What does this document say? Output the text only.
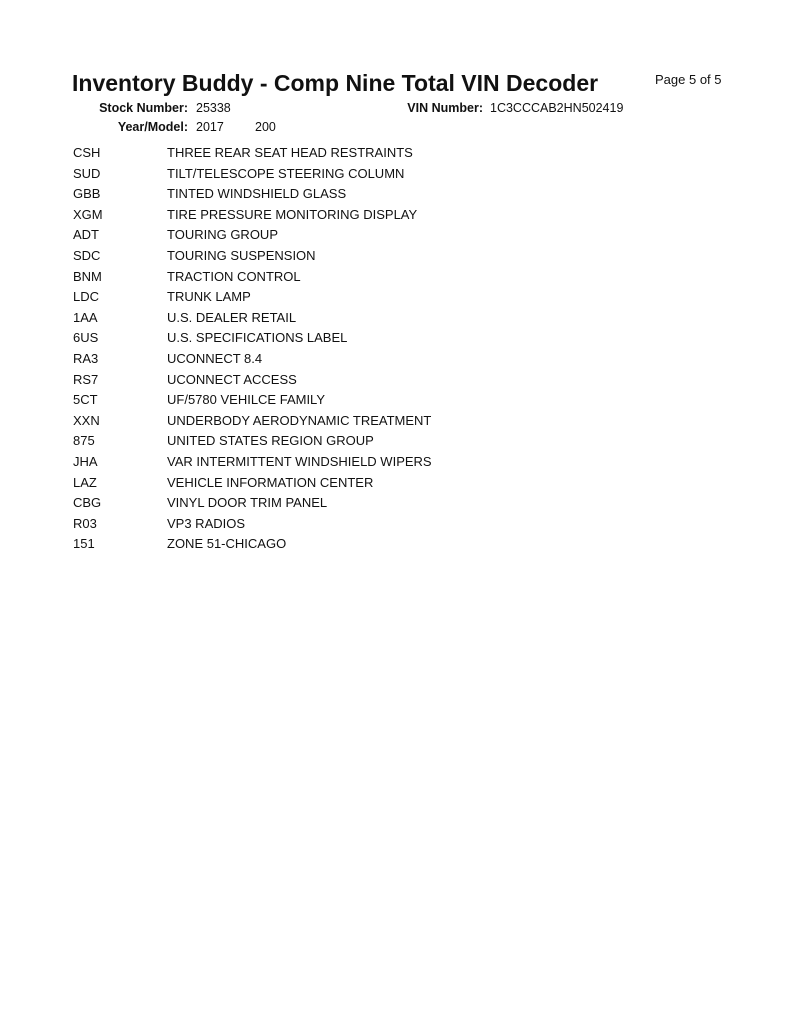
Inventory Buddy - Comp Nine Total VIN Decoder	Page 5 of 5
Stock Number: 25338	VIN Number: 1C3CCCAB2HN502419
Year/Model: 2017 200
CSH	THREE REAR SEAT HEAD RESTRAINTS
SUD	TILT/TELESCOPE STEERING COLUMN
GBB	TINTED WINDSHIELD GLASS
XGM	TIRE PRESSURE MONITORING DISPLAY
ADT	TOURING GROUP
SDC	TOURING SUSPENSION
BNM	TRACTION CONTROL
LDC	TRUNK LAMP
1AA	U.S. DEALER RETAIL
6US	U.S. SPECIFICATIONS LABEL
RA3	UCONNECT 8.4
RS7	UCONNECT ACCESS
5CT	UF/5780 VEHILCE FAMILY
XXN	UNDERBODY AERODYNAMIC TREATMENT
875	UNITED STATES REGION GROUP
JHA	VAR INTERMITTENT WINDSHIELD WIPERS
LAZ	VEHICLE INFORMATION CENTER
CBG	VINYL DOOR TRIM PANEL
R03	VP3 RADIOS
151	ZONE 51-CHICAGO
